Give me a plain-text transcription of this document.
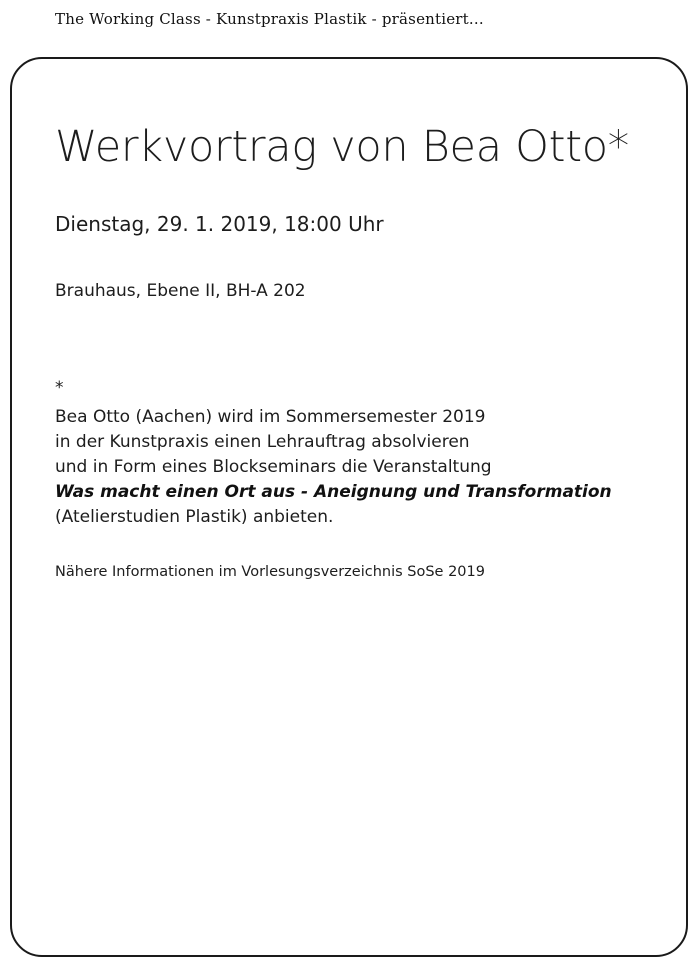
The Working Class - Kunstpraxis Plastik - präsentiert...
Werkvortrag von Bea Otto*
Dienstag, 29. 1. 2019, 18:00 Uhr
Brauhaus, Ebene II, BH-A 202
*
Bea Otto (Aachen) wird im Sommersemester 2019
in der Kunstpraxis einen Lehrauftrag absolvieren
und in Form eines Blockseminars die Veranstaltung
Was macht einen Ort aus - Aneignung und Transformation
(Atelierstudien Plastik) anbieten.
Nähere Informationen im Vorlesungsverzeichnis SoSe 2019
